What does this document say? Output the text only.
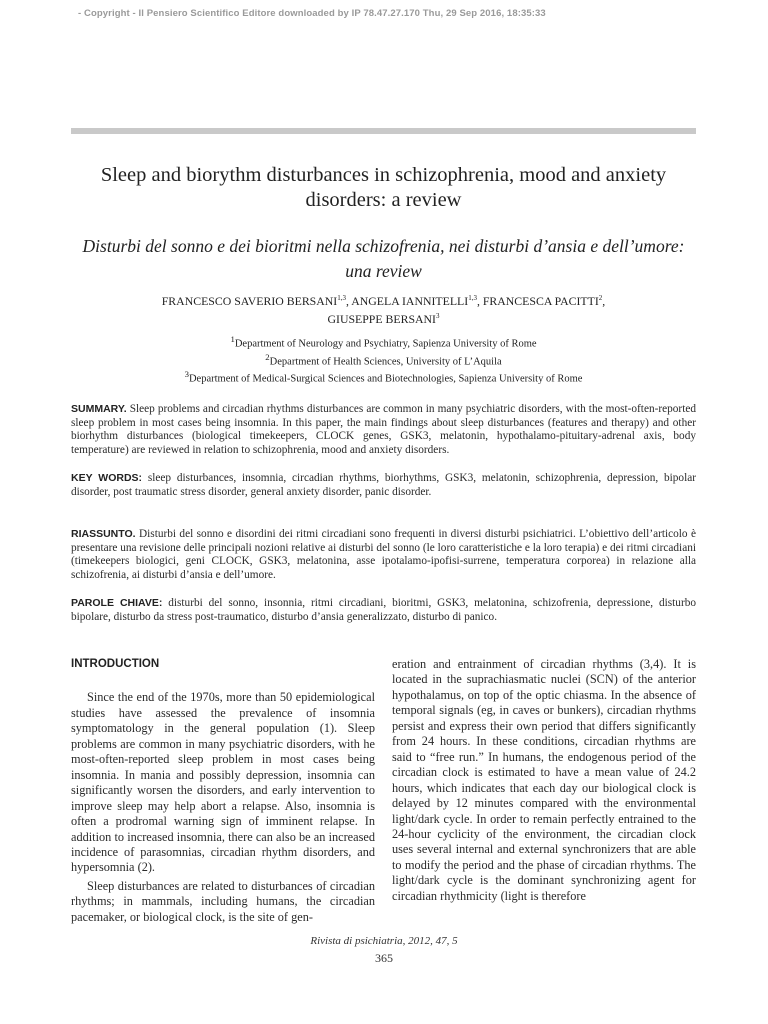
- Copyright - Il Pensiero Scientifico Editore downloaded by IP 78.47.27.170 Thu, 29 Sep 2016, 18:35:33
Sleep and biorythm disturbances in schizophrenia, mood and anxiety disorders: a review
Disturbi del sonno e dei bioritmi nella schizofrenia, nei disturbi d’ansia e dell’umore: una review
FRANCESCO SAVERIO BERSANI$^{1,3}$, ANGELA IANNITELLI$^{1,3}$, FRANCESCA PACITTI$^2$,
GIUSEPPE BERSANI$^3$
$^1$Department of Neurology and Psychiatry, Sapienza University of Rome
$^2$Department of Health Sciences, University of L’Aquila
$^3$Department of Medical-Surgical Sciences and Biotechnologies, Sapienza University of Rome
SUMMARY. Sleep problems and circadian rhythms disturbances are common in many psychiatric disorders, with the most-often-reported sleep problem in most cases being insomnia. In this paper, the main findings about sleep disturbances (features and therapy) and other biorhythm disturbances (biological timekeepers, CLOCK genes, GSK3, melatonin, hypothalamo-pituitary-adrenal axis, body temperature) are reviewed in relation to schizophrenia, mood and anxiety disorders.
KEY WORDS: sleep disturbances, insomnia, circadian rhythms, biorhythms, GSK3, melatonin, schizophrenia, depression, bipolar disorder, post traumatic stress disorder, general anxiety disorder, panic disorder.
RIASSUNTO. Disturbi del sonno e disordini dei ritmi circadiani sono frequenti in diversi disturbi psichiatrici. L’obiettivo dell’articolo è presentare una revisione delle principali nozioni relative ai disturbi del sonno (le loro caratteristiche e la loro terapia) e dei ritmi circadiani (timekeepers biologici, geni CLOCK, GSK3, melatonina, asse ipotalamo-ipofisi-surrene, temperatura corporea) in relazione alla schizofrenia, ai disturbi d’ansia e dell’umore.
PAROLE CHIAVE: disturbi del sonno, insonnia, ritmi circadiani, bioritmi, GSK3, melatonina, schizofrenia, depressione, disturbo bipolare, disturbo da stress post-traumatico, disturbo d’ansia generalizzato, disturbo di panico.
INTRODUCTION

Since the end of the 1970s, more than 50 epidemiological studies have assessed the prevalence of insomnia symptomatology in the general population (1). Sleep problems are common in many psychiatric disorders, with he most-often-reported sleep problem in most cases being insomnia. In mania and possibly depression, insomnia can significantly worsen the disorders, and early intervention to improve sleep may help abort a relapse. Also, insomnia is often a prodromal warning sign of imminent relapse. In addition to increased insomnia, there can also be an increased incidence of parasomnias, circadian rhythm disorders, and hypersomnia (2).

Sleep disturbances are related to disturbances of circadian rhythms; in mammals, including humans, the circadian pacemaker, or biological clock, is the site of gen-

eration and entrainment of circadian rhythms (3,4). It is located in the suprachiasmatic nuclei (SCN) of the anterior hypothalamus, on top of the optic chiasma. In the absence of temporal signals (eg, in caves or bunkers), circadian rhythms persist and express their own period that differs significantly from 24 hours. In these conditions, circadian rhythms are said to “free run.” In humans, the endogenous period of the circadian clock is estimated to have a mean value of 24.2 hours, which indicates that each day our biological clock is delayed by 12 minutes compared with the environmental light/dark cycle. In order to remain perfectly entrained to the 24-hour cyclicity of the environment, the circadian clock uses several internal and external synchronizers that are able to modify the period and the phase of circadian rhythms. The light/dark cycle is the dominant synchronizing agent for circadian rhythmicity (light is therefore

Rivista di psichiatria, 2012, 47, 5
365
